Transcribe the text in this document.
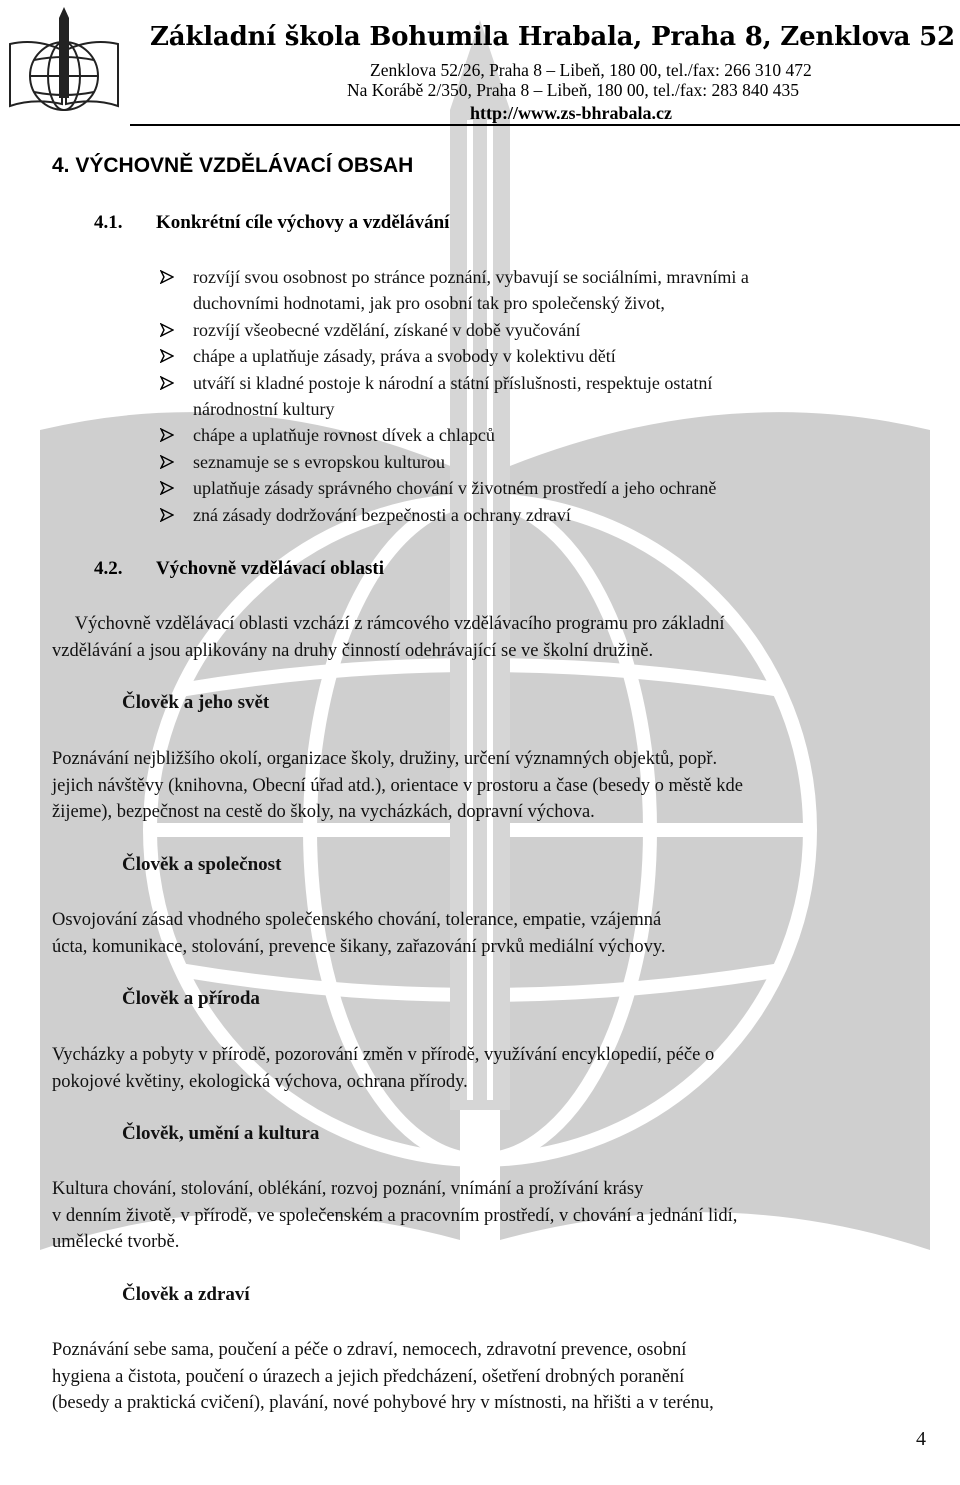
Základní škola Bohumila Hrabala, Praha 8, Zenklova 52
Zenklova 52/26, Praha 8 – Libeň, 180 00, tel./fax: 266 310 472
Na Korábě 2/350, Praha 8 – Libeň, 180 00, tel./fax: 283 840 435
http://www.zs-bhrabala.cz
4. VÝCHOVNĚ VZDĚLÁVACÍ OBSAH
4.1. Konkrétní cíle výchovy a vzdělávání
rozvíjí svou osobnost po stránce poznání, vybavují se sociálními, mravními a
duchovními hodnotami, jak pro osobní tak pro společenský život,
rozvíjí všeobecné vzdělání, získané v době vyučování
chápe a uplatňuje zásady, práva a svobody v kolektivu dětí
utváří si kladné postoje k národní a státní příslušnosti, respektuje ostatní
národnostní kultury
chápe a uplatňuje rovnost dívek a chlapců
seznamuje se s evropskou kulturou
uplatňuje zásady správného chování v životném prostředí a jeho ochraně
zná zásady dodržování bezpečnosti a ochrany zdraví
4.2. Výchovně vzdělávací oblasti
Výchovně vzdělávací oblasti vzchází z rámcového vzdělávacího programu pro základní
vzdělávání a jsou aplikovány na druhy činností odehrávající se ve školní družině.
Člověk a jeho svět
Poznávání nejbližšího okolí, organizace školy, družiny, určení významných objektů, popř.
jejich návštěvy (knihovna, Obecní úřad atd.), orientace v prostoru a čase (besedy o městě kde
žijeme), bezpečnost na cestě do školy, na vycházkách, dopravní výchova.
Člověk a společnost
Osvojování zásad vhodného společenského chování, tolerance, empatie, vzájemná
úcta, komunikace, stolování, prevence šikany, zařazování prvků mediální výchovy.
Člověk a příroda
Vycházky a pobyty v přírodě, pozorování změn v přírodě, využívání encyklopedií, péče o
pokojové květiny, ekologická výchova, ochrana přírody.
Člověk, umění a kultura
Kultura chování, stolování, oblékání, rozvoj poznání, vnímání a prožívání krásy
v denním životě, v přírodě, ve společenském a pracovním prostředí, v chování a jednání lidí,
umělecké tvorbě.
Člověk a zdraví
Poznávání sebe sama, poučení a péče o zdraví, nemocech, zdravotní prevence, osobní
hygiena a čistota, poučení o úrazech a jejich předcházení, ošetření drobných poranění
(besedy a praktická cvičení), plavání, nové pohybové hry v místnosti, na hřišti a v terénu,
4
